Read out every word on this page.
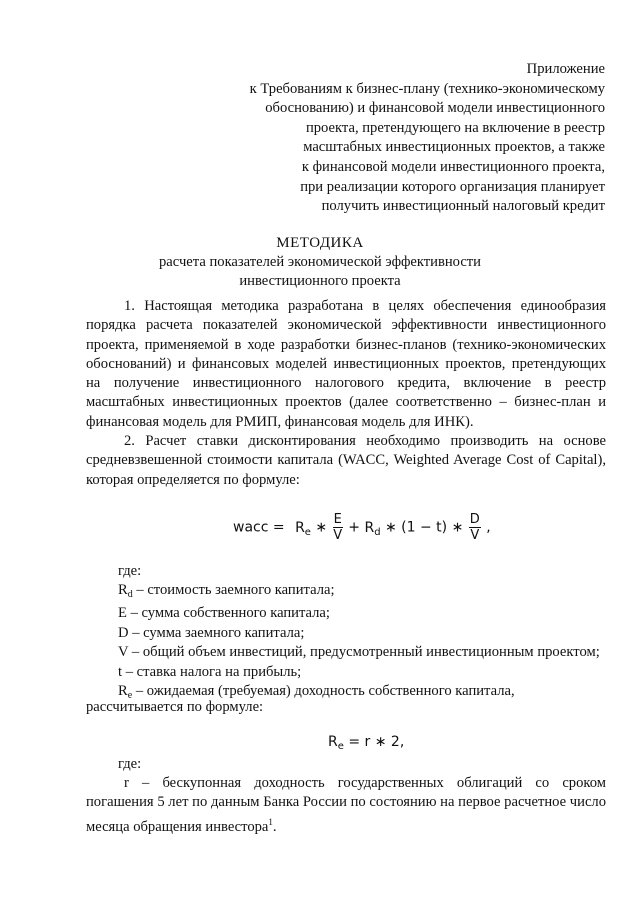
Приложение
к Требованиям к бизнес-плану (технико-экономическому
обоснованию) и финансовой модели инвестиционного
проекта, претендующего на включение в реестр
масштабных инвестиционных проектов, а также
к финансовой модели инвестиционного проекта,
при реализации которого организация планирует
получить инвестиционный налоговый кредит
МЕТОДИКА
расчета показателей экономической эффективности
инвестиционного проекта
1. Настоящая методика разработана в целях обеспечения единообразия порядка расчета показателей экономической эффективности инвестиционного проекта, применяемой в ходе разработки бизнес-планов (технико-экономических обоснований) и финансовых моделей инвестиционных проектов, претендующих на получение инвестиционного налогового кредита, включение в реестр масштабных инвестиционных проектов (далее соответственно – бизнес-план и финансовая модель для РМИП, финансовая модель для ИНК).
2. Расчет ставки дисконтирования необходимо производить на основе средневзвешенной стоимости капитала (WACC, Weighted Average Cost of Capital), которая определяется по формуле:
wacc = $R_e$ ∗ $\frac{E}{V} + R_d$ ∗ (1 − t) ∗ $\frac{D}{V}$ ,
где:
$R_d$ – стоимость заемного капитала;
E – сумма собственного капитала;
D – сумма заемного капитала;
V – общий объем инвестиций, предусмотренный инвестиционным проектом;
t – ставка налога на прибыль;
$R_e$ – ожидаемая (требуемая) доходность собственного капитала,
рассчитывается по формуле:
$R_e = r$ ∗ 2,
где:
r – бескупонная доходность государственных облигаций со сроком погашения 5 лет по данным Банка России по состоянию на первое расчетное число месяца обращения инвестора$^1$.
